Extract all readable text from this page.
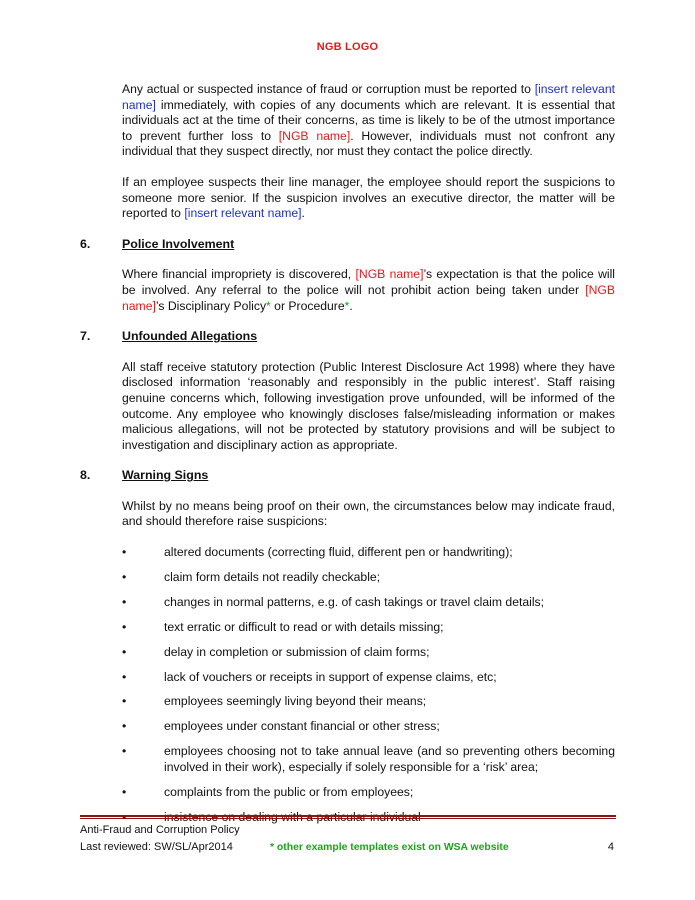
NGB LOGO

Any actual or suspected instance of fraud or corruption must be reported to [insert relevant name] immediately, with copies of any documents which are relevant. It is essential that individuals act at the time of their concerns, as time is likely to be of the utmost importance to prevent further loss to [NGB name]. However, individuals must not confront any individual that they suspect directly, nor must they contact the police directly.

If an employee suspects their line manager, the employee should report the suspicions to someone more senior. If the suspicion involves an executive director, the matter will be reported to [insert relevant name].

6.	Police Involvement

Where financial impropriety is discovered, [NGB name]’s expectation is that the police will be involved. Any referral to the police will not prohibit action being taken under [NGB name]’s Disciplinary Policy* or Procedure*.

7.	Unfounded Allegations

All staff receive statutory protection (Public Interest Disclosure Act 1998) where they have disclosed information ‘reasonably and responsibly in the public interest’. Staff raising genuine concerns which, following investigation prove unfounded, will be informed of the outcome. Any employee who knowingly discloses false/misleading information or makes malicious allegations, will not be protected by statutory provisions and will be subject to investigation and disciplinary action as appropriate.

8.	Warning Signs

Whilst by no means being proof on their own, the circumstances below may indicate fraud, and should therefore raise suspicions:

•	altered documents (correcting fluid, different pen or handwriting);
•	claim form details not readily checkable;
•	changes in normal patterns, e.g. of cash takings or travel claim details;
•	text erratic or difficult to read or with details missing;
•	delay in completion or submission of claim forms;
•	lack of vouchers or receipts in support of expense claims, etc;
•	employees seemingly living beyond their means;
•	employees under constant financial or other stress;
•	employees choosing not to take annual leave (and so preventing others becoming involved in their work), especially if solely responsible for a ‘risk’ area;
•	complaints from the public or from employees;
Anti-Fraud and Corruption Policy
Last reviewed: SW/SL/Apr2014	* other example templates exist on WSA website	4
